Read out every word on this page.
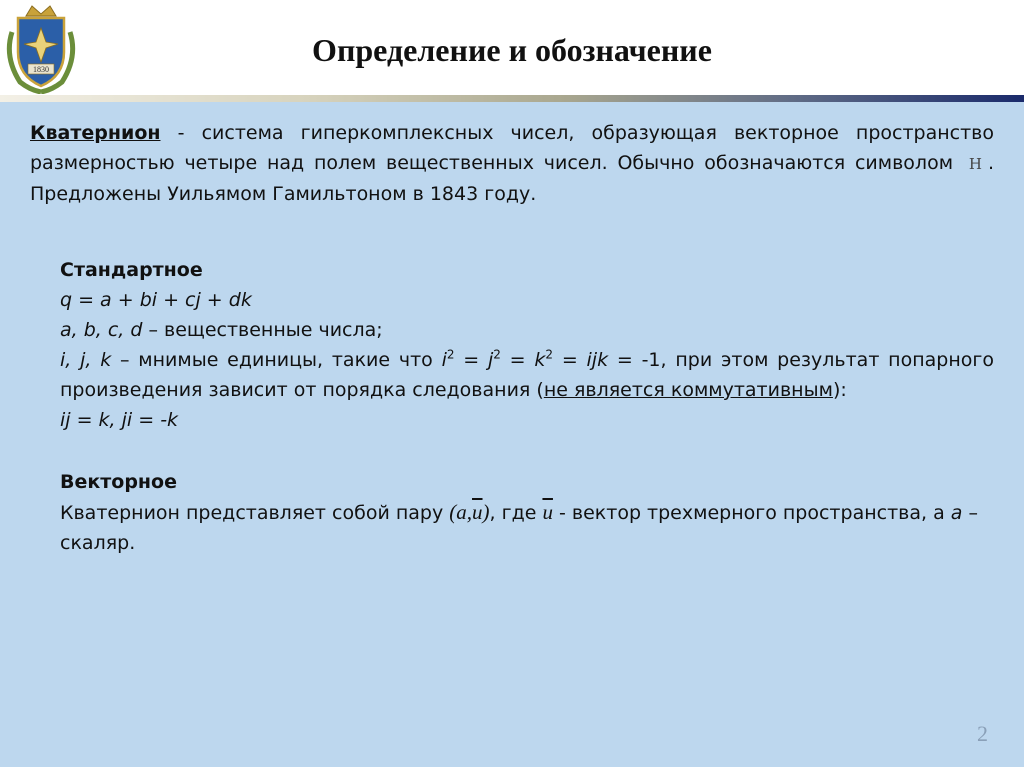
1830
Определение и обозначение
Кватернион - система гиперкомплексных чисел, образующая векторное пространство размерностью четыре над полем вещественных чисел. Обычно обозначаются символом H . Предложены Уильямом Гамильтоном в 1843 году.
Стандартное
q = a + bi + cj + dk
a, b, c, d – вещественные числа;
i, j, k – мнимые единицы, такие что $i^2 = j^2 = k^2$ = ijk = -1, при этом результат попарного произведения зависит от порядка следования (не является коммутативным):
ij = k, ji = -k
Векторное
Кватернион представляет собой пару $(a,\overline{u})$, где $\overline{u}$ - вектор трехмерного пространства, а a – скаляр.
2
